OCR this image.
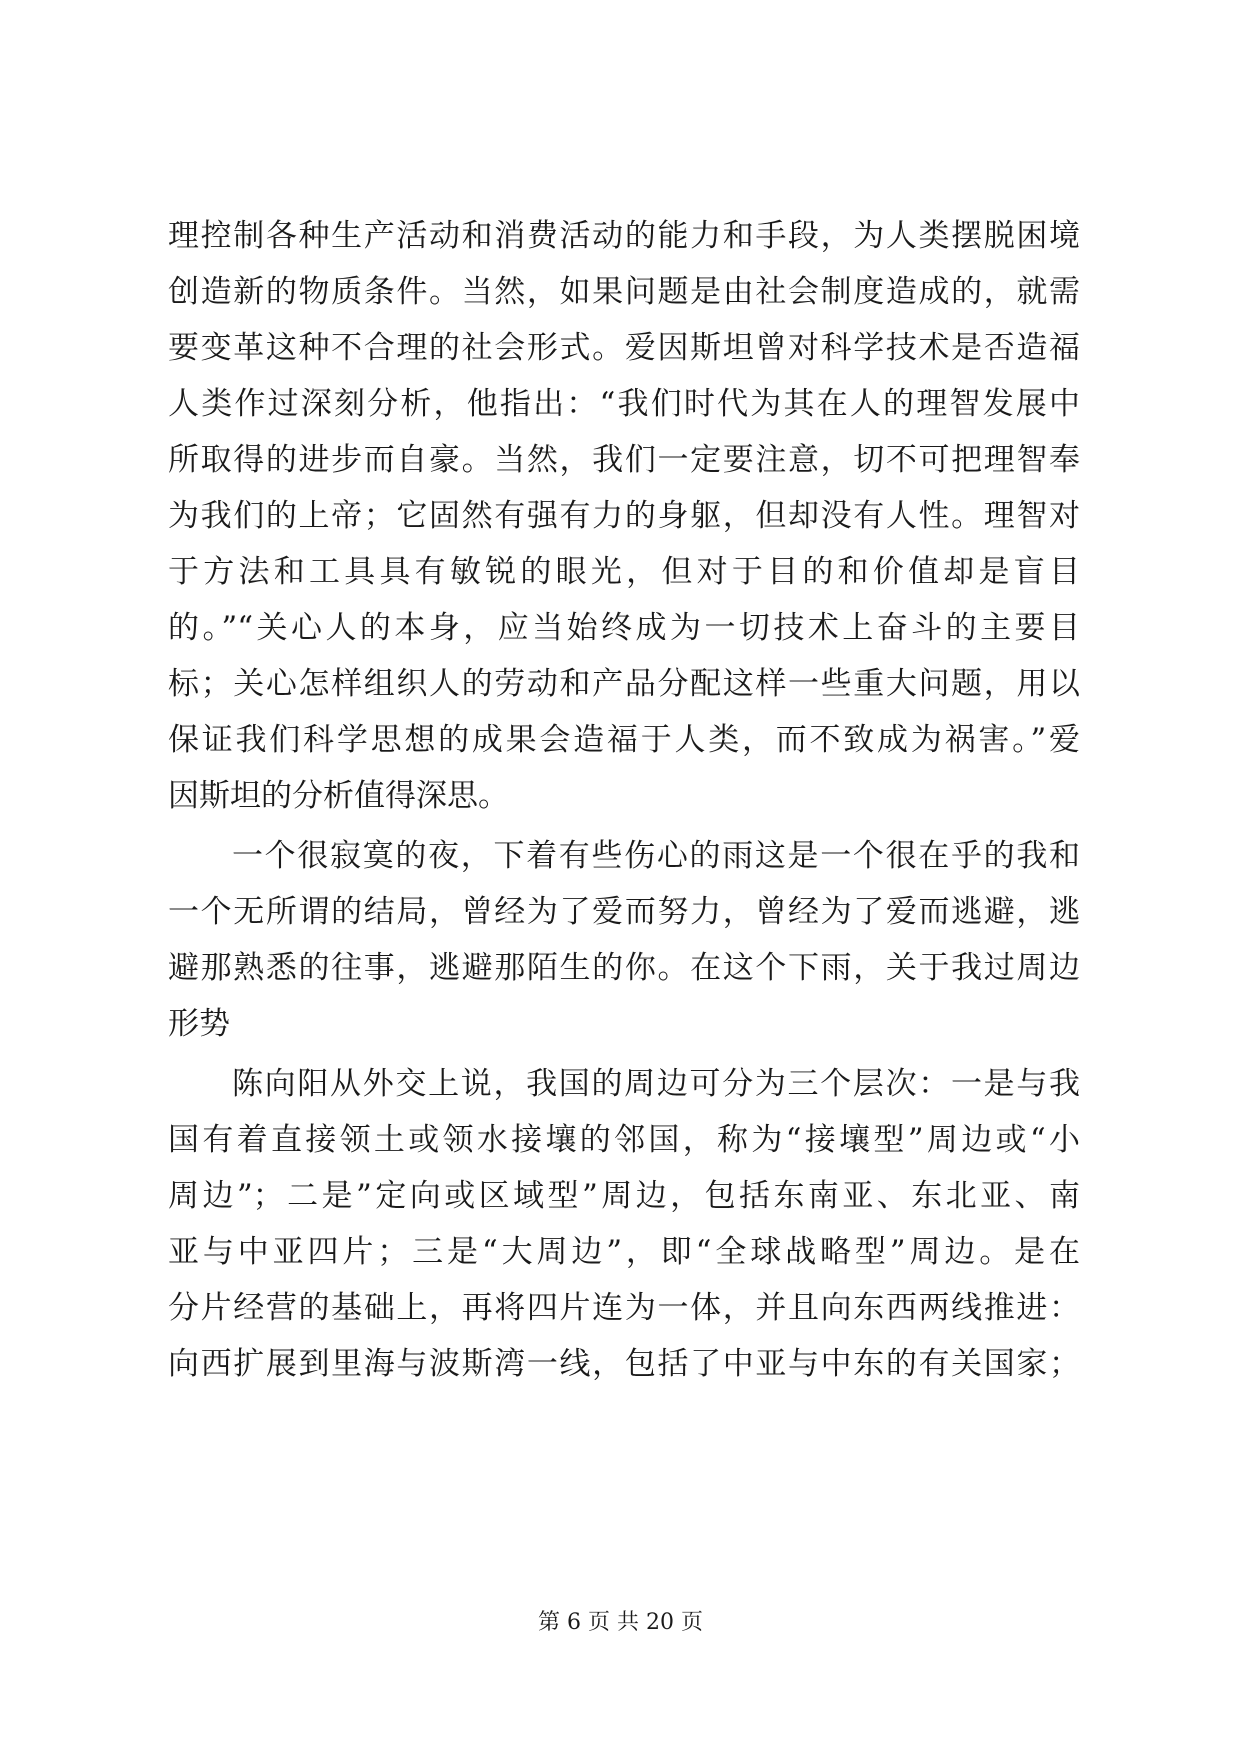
理控制各种生产活动和消费活动的能力和手段，为人类摆脱困境
创造新的物质条件。当然，如果问题是由社会制度造成的，就需
要变革这种不合理的社会形式。爱因斯坦曾对科学技术是否造福
人类作过深刻分析，他指出：“我们时代为其在人的理智发展中
所取得的进步而自豪。当然，我们一定要注意，切不可把理智奉
为我们的上帝；它固然有强有力的身躯，但却没有人性。理智对
于方法和工具具有敏锐的眼光，但对于目的和价值却是盲目
的。”“关心人的本身，应当始终成为一切技术上奋斗的主要目
标；关心怎样组织人的劳动和产品分配这样一些重大问题，用以
保证我们科学思想的成果会造福于人类，而不致成为祸害。”爱
因斯坦的分析值得深思。
一个很寂寞的夜，下着有些伤心的雨这是一个很在乎的我和
一个无所谓的结局，曾经为了爱而努力，曾经为了爱而逃避，逃
避那熟悉的往事，逃避那陌生的你。在这个下雨，关于我过周边
形势
陈向阳从外交上说，我国的周边可分为三个层次：一是与我
国有着直接领土或领水接壤的邻国，称为“接壤型”周边或“小
周边”；二是”定向或区域型”周边，包括东南亚、东北亚、南
亚与中亚四片；三是“大周边”，即“全球战略型”周边。是在
分片经营的基础上，再将四片连为一体，并且向东西两线推进：
向西扩展到里海与波斯湾一线，包括了中亚与中东的有关国家；
第 6 页 共 20 页
